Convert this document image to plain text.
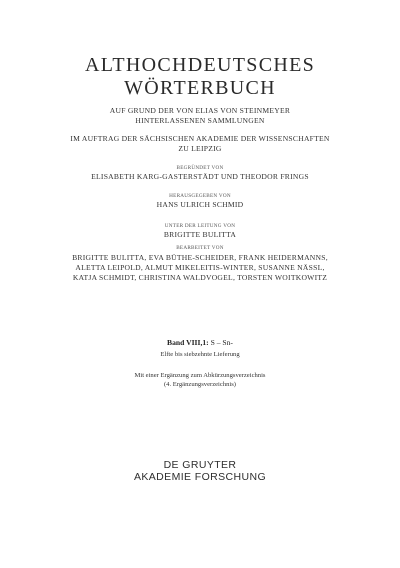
ALTHOCHDEUTSCHES
WÖRTERBUCH
AUF GRUND DER VON ELIAS VON STEINMEYER
HINTERLASSENEN SAMMLUNGEN
IM AUFTRAG DER SÄCHSISCHEN AKADEMIE DER WISSENSCHAFTEN
ZU LEIPZIG
BEGRÜNDET VON
ELISABETH KARG-GASTERSTÄDT UND THEODOR FRINGS
HERAUSGEGEBEN VON
HANS ULRICH SCHMID
UNTER DER LEITUNG VON
BRIGITTE BULITTA
BEARBEITET VON
BRIGITTE BULITTA, EVA BÜTHE-SCHEIDER, FRANK HEIDERMANNS,
ALETTA LEIPOLD, ALMUT MIKELEITIS-WINTER, SUSANNE NÄSSL,
KATJA SCHMIDT, CHRISTINA WALDVOGEL, TORSTEN WOITKOWITZ
Band VIII,1: S – Sn-
Elfte bis siebzehnte Lieferung
Mit einer Ergänzung zum Abkürzungsverzeichnis
(4. Ergänzungsverzeichnis)
DE GRUYTER
AKADEMIE FORSCHUNG
